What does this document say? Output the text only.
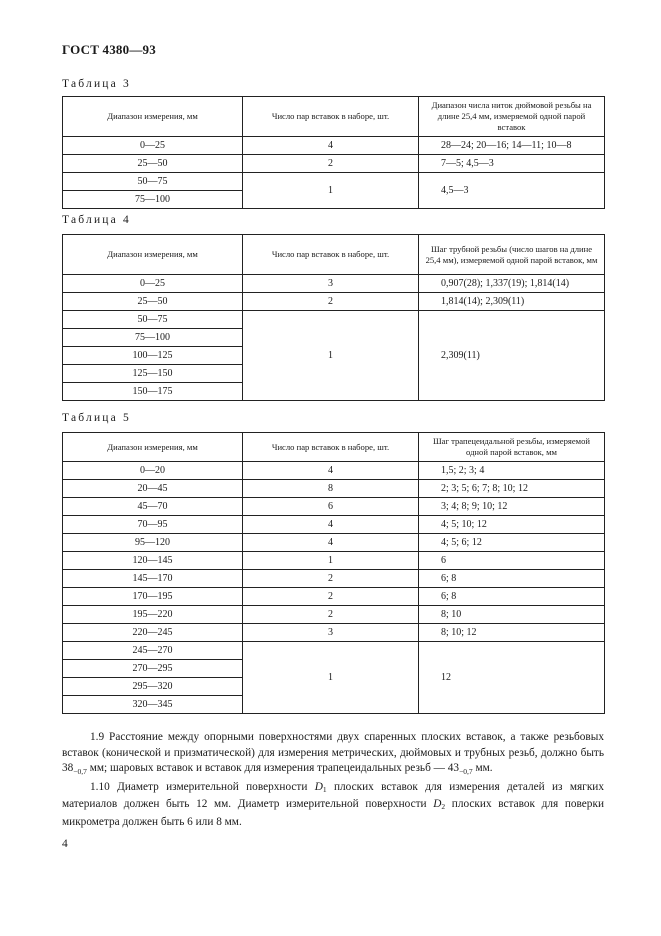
ГОСТ 4380—93
Таблица 3
Диапазон измерения, мм	Число пар вставок в наборе, шт.	Диапазон числа ниток дюймовой резьбы на длине 25,4 мм, измеряемой одной парой вставок
0—25	4	28—24; 20—16; 14—11; 10—8
25—50	2	7—5; 4,5—3
50—75	1	4,5—3
75—100		
Таблица 4
Диапазон измерения, мм	Число пар вставок в наборе, шт.	Шаг трубной резьбы (число шагов на длине 25,4 мм), измеряемой одной парой вставок, мм
0—25	3	0,907(28); 1,337(19); 1,814(14)
25—50	2	1,814(14); 2,309(11)
50—75	1	2,309(11)
75—100		
100—125		
125—150		
150—175		
Таблица 5
Диапазон измерения, мм	Число пар вставок в наборе, шт.	Шаг трапецеидальной резьбы, измеряемой одной парой вставок, мм
0—20	4	1,5; 2; 3; 4
20—45	8	2; 3; 5; 6; 7; 8; 10; 12
45—70	6	3; 4; 8; 9; 10; 12
70—95	4	4; 5; 10; 12
95—120	4	4; 5; 6; 12
120—145	1	6
145—170	2	6; 8
170—195	2	6; 8
195—220	2	8; 10
220—245	3	8; 10; 12
245—270	1	12
270—295		
295—320		
320—345		

1.9 Расстояние между опорными поверхностями двух спаренных плоских вставок, а также резьбовых вставок (конической и призматической) для измерения метрических, дюймовых и трубных резьб, должно быть $38_{-0,7}$ мм; шаровых вставок и вставок для измерения трапецеидальных резьб — $43_{-0,7}$ мм.

1.10 Диаметр измерительной поверхности $D_1$ плоских вставок для измерения деталей из мягких материалов должен быть 12 мм. Диаметр измерительной поверхности $D_2$ плоских вставок для поверки микрометра должен быть 6 или 8 мм.

4
